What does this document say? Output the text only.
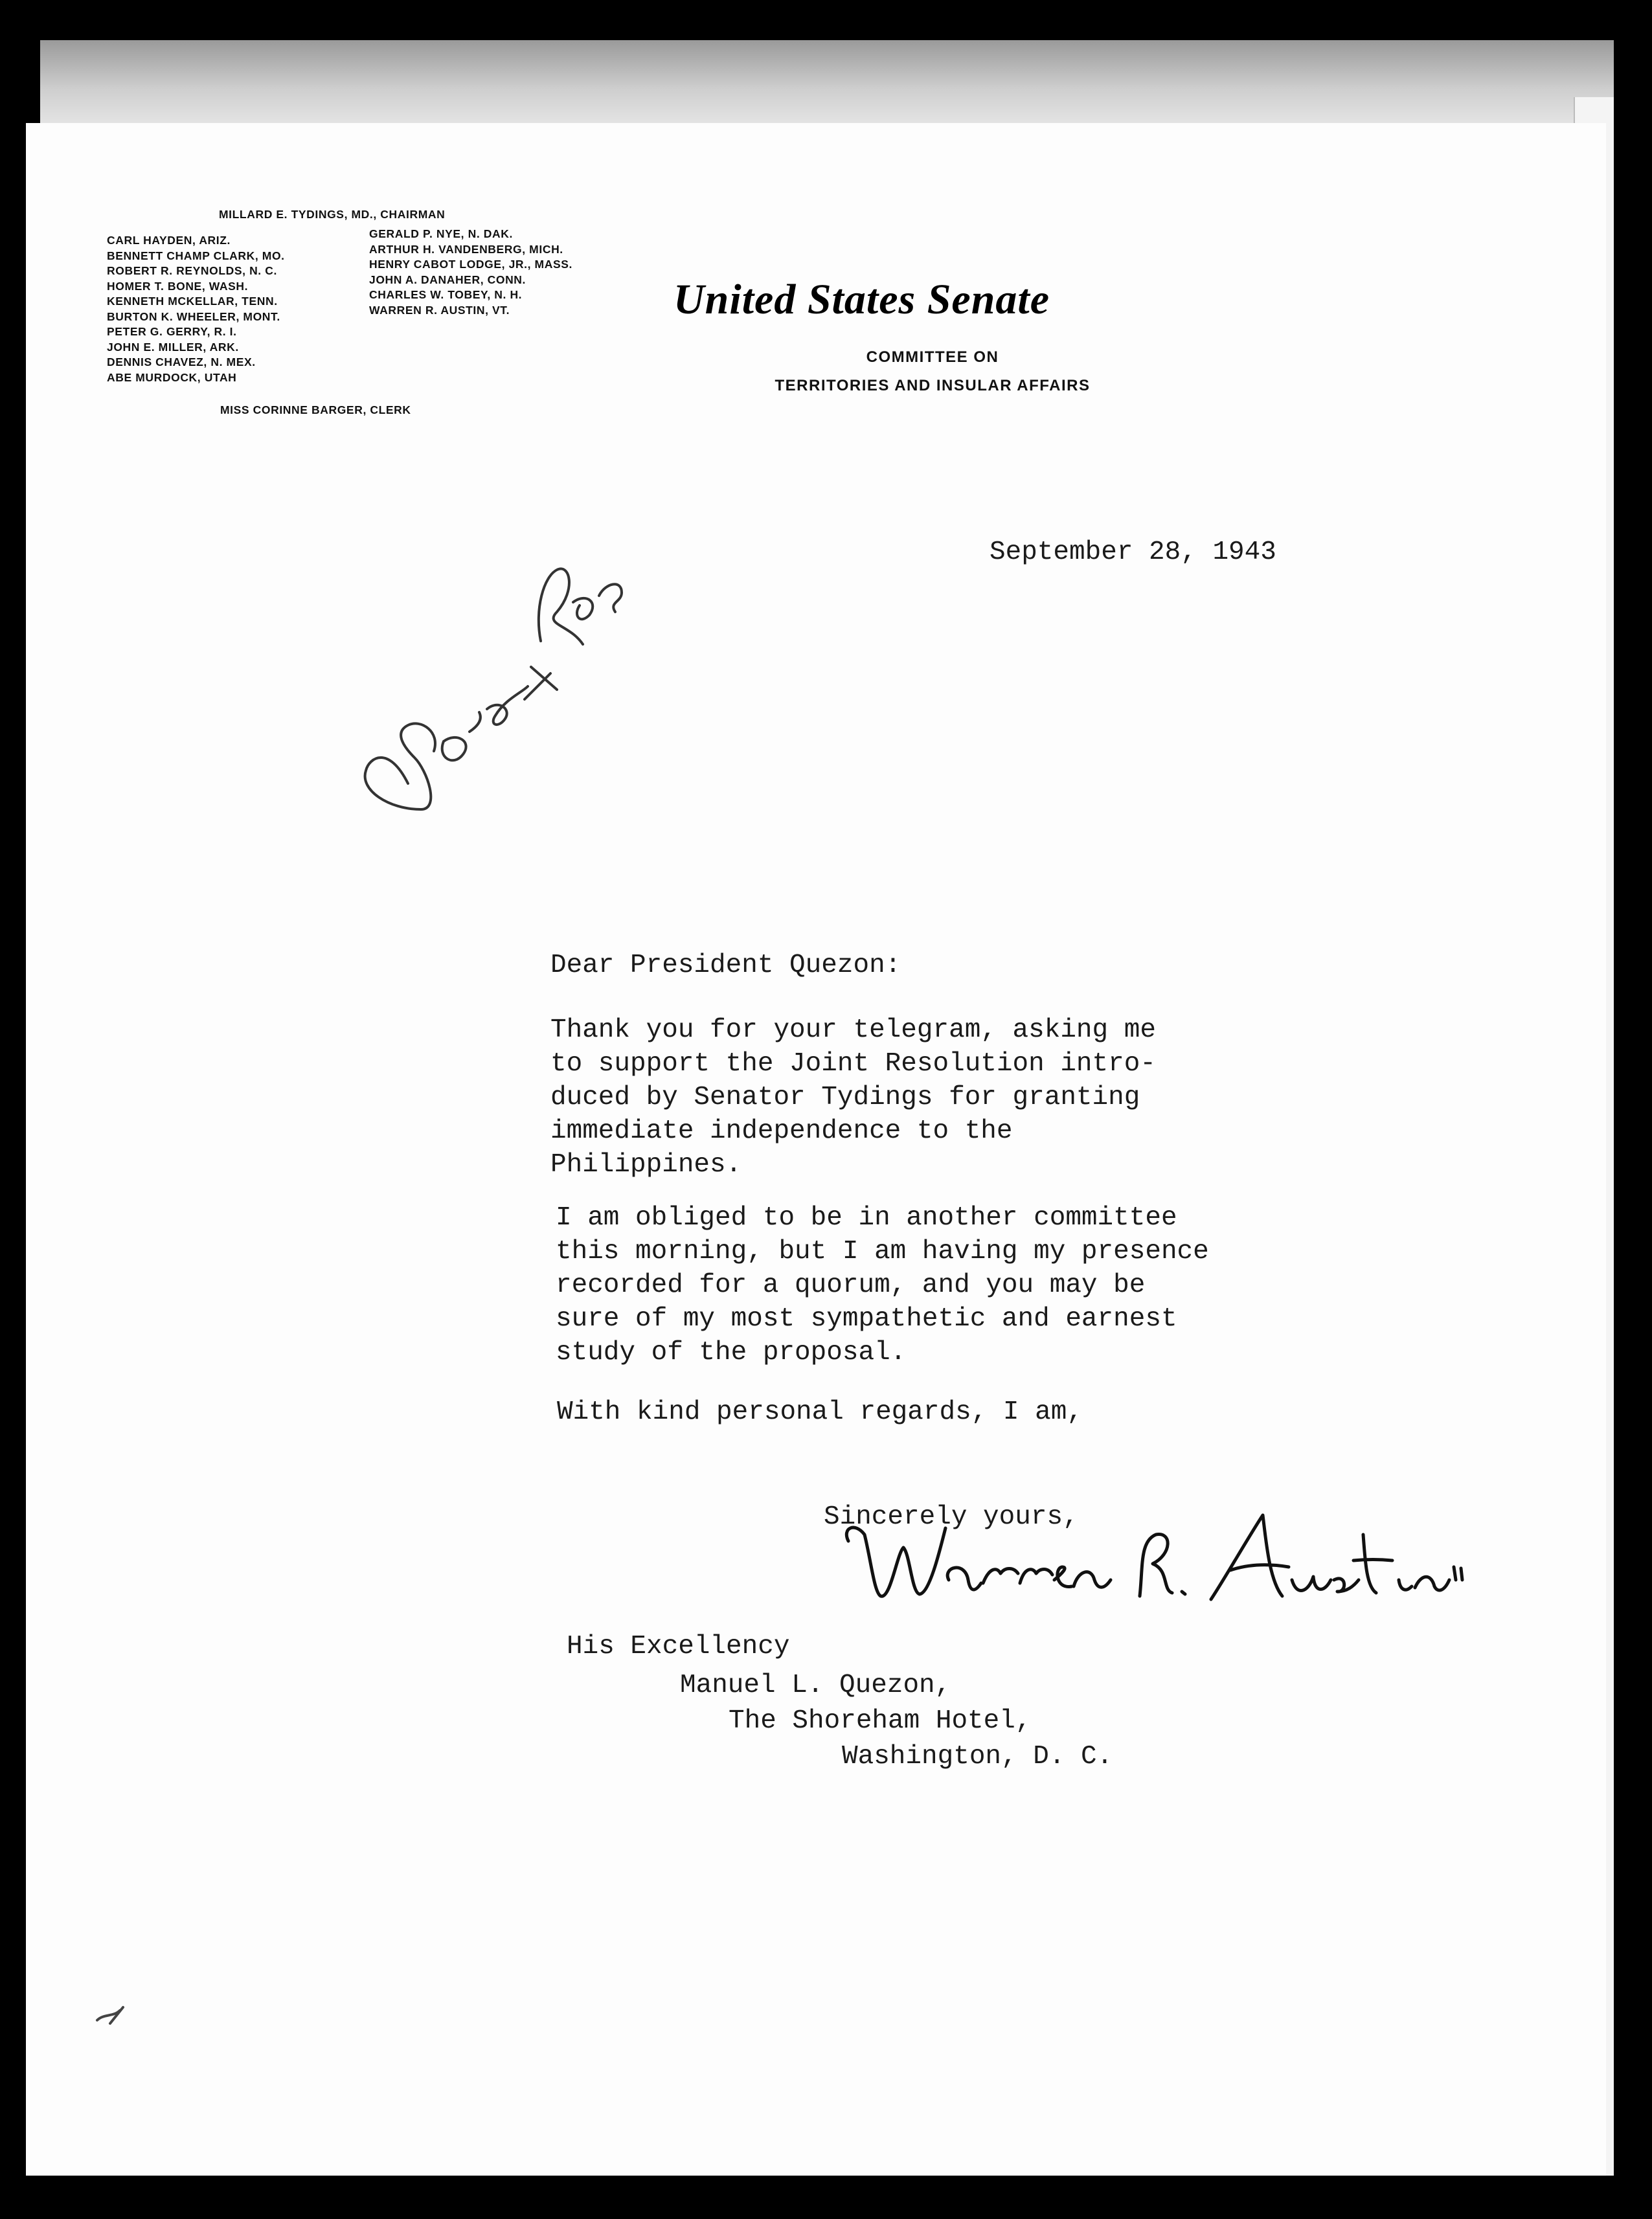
MILLARD E. TYDINGS, MD., CHAIRMAN
CARL HAYDEN, ARIZ.
BENNETT CHAMP CLARK, MO.
ROBERT R. REYNOLDS, N. C.
HOMER T. BONE, WASH.
KENNETH MCKELLAR, TENN.
BURTON K. WHEELER, MONT.
PETER G. GERRY, R. I.
JOHN E. MILLER, ARK.
DENNIS CHAVEZ, N. MEX.
ABE MURDOCK, UTAH
GERALD P. NYE, N. DAK.
ARTHUR H. VANDENBERG, MICH.
HENRY CABOT LODGE, JR., MASS.
JOHN A. DANAHER, CONN.
CHARLES W. TOBEY, N. H.
WARREN R. AUSTIN, VT.
MISS CORINNE BARGER, CLERK
United States Senate
COMMITTEE ON
TERRITORIES AND INSULAR AFFAIRS
September 28, 1943
Dear President Quezon:
Thank you for your telegram, asking me
to support the Joint Resolution intro-
duced by Senator Tydings for granting
immediate independence to the
Philippines.
I am obliged to be in another committee
this morning, but I am having my presence
recorded for a quorum, and you may be
sure of my most sympathetic and earnest
study of the proposal.
With kind personal regards, I am,
Sincerely yours,
His Excellency
Manuel L. Quezon,
The Shoreham Hotel,
Washington, D. C.
